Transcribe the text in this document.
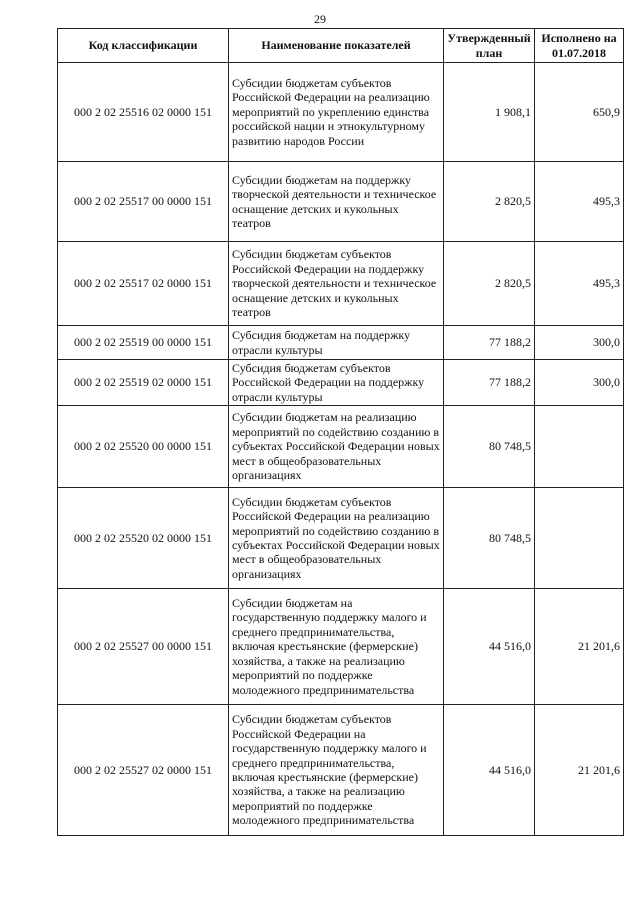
29
Код классификации	Наименование показателей	Утвержденный план	Исполнено на 01.07.2018
000 2 02 25516 02 0000 151	Субсидии бюджетам субъектов Российской Федерации на реализацию мероприятий по укреплению единства российской нации и этнокультурному развитию народов России	1 908,1	650,9
000 2 02 25517 00 0000 151	Субсидии бюджетам на поддержку творческой деятельности и техническое оснащение детских и кукольных театров	2 820,5	495,3
000 2 02 25517 02 0000 151	Субсидии бюджетам субъектов Российской Федерации на поддержку творческой деятельности и техническое оснащение детских и кукольных театров	2 820,5	495,3
000 2 02 25519 00 0000 151	Субсидия бюджетам на поддержку отрасли культуры	77 188,2	300,0
000 2 02 25519 02 0000 151	Субсидия бюджетам субъектов Российской Федерации на поддержку отрасли культуры	77 188,2	300,0
000 2 02 25520 00 0000 151	Субсидии бюджетам на реализацию мероприятий по содействию созданию в субъектах Российской Федерации новых мест в общеобразовательных организациях	80 748,5	
000 2 02 25520 02 0000 151	Субсидии бюджетам субъектов Российской Федерации на реализацию мероприятий по содействию созданию в субъектах Российской Федерации новых мест в общеобразовательных организациях	80 748,5	
000 2 02 25527 00 0000 151	Субсидии бюджетам на государственную поддержку малого и среднего предпринимательства, включая крестьянские (фермерские) хозяйства, а также на реализацию мероприятий по поддержке молодежного предпринимательства	44 516,0	21 201,6
000 2 02 25527 02 0000 151	Субсидии бюджетам субъектов Российской Федерации на государственную поддержку малого и среднего предпринимательства, включая крестьянские (фермерские) хозяйства, а также на реализацию мероприятий по поддержке молодежного предпринимательства	44 516,0	21 201,6
